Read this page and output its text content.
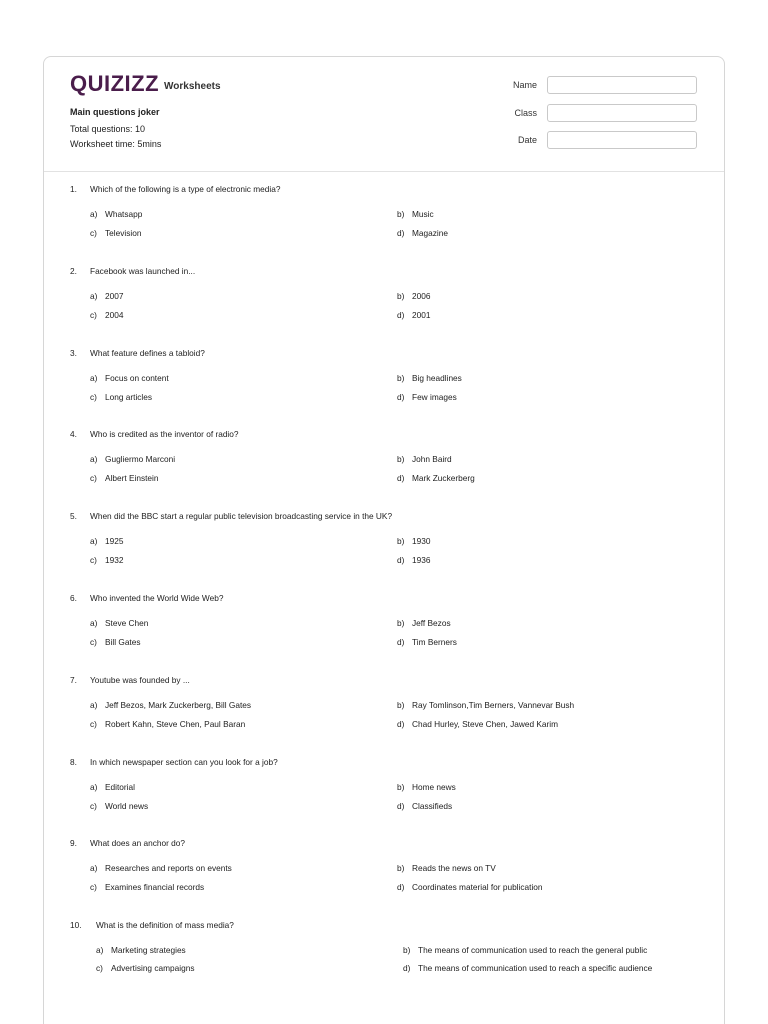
QUIZIZZ Worksheets
Main questions joker
Total questions: 10
Worksheet time: 5mins
Name
Class
Date
1. Which of the following is a type of electronic media?
a) Whatsapp	b) Music
c) Television	d) Magazine
2. Facebook was launched in...
a) 2007	b) 2006
c) 2004	d) 2001
3. What feature defines a tabloid?
a) Focus on content	b) Big headlines
c) Long articles	d) Few images
4. Who is credited as the inventor of radio?
a) Gugliermo Marconi	b) John Baird
c) Albert Einstein	d) Mark Zuckerberg
5. When did the BBC start a regular public television broadcasting service in the UK?
a) 1925	b) 1930
c) 1932	d) 1936
6. Who invented the World Wide Web?
a) Steve Chen	b) Jeff Bezos
c) Bill Gates	d) Tim Berners
7. Youtube was founded by ...
a) Jeff Bezos, Mark Zuckerberg, Bill Gates	b) Ray Tomlinson,Tim Berners, Vannevar Bush
c) Robert Kahn, Steve Chen, Paul Baran	d) Chad Hurley, Steve Chen, Jawed Karim
8. In which newspaper section can you look for a job?
a) Editorial	b) Home news
c) World news	d) Classifieds
9. What does an anchor do?
a) Researches and reports on events	b) Reads the news on TV
c) Examines financial records	d) Coordinates material for publication
10. What is the definition of mass media?
a) Marketing strategies	b) The means of communication used to reach the general public
c) Advertising campaigns	d) The means of communication used to reach a specific audience
